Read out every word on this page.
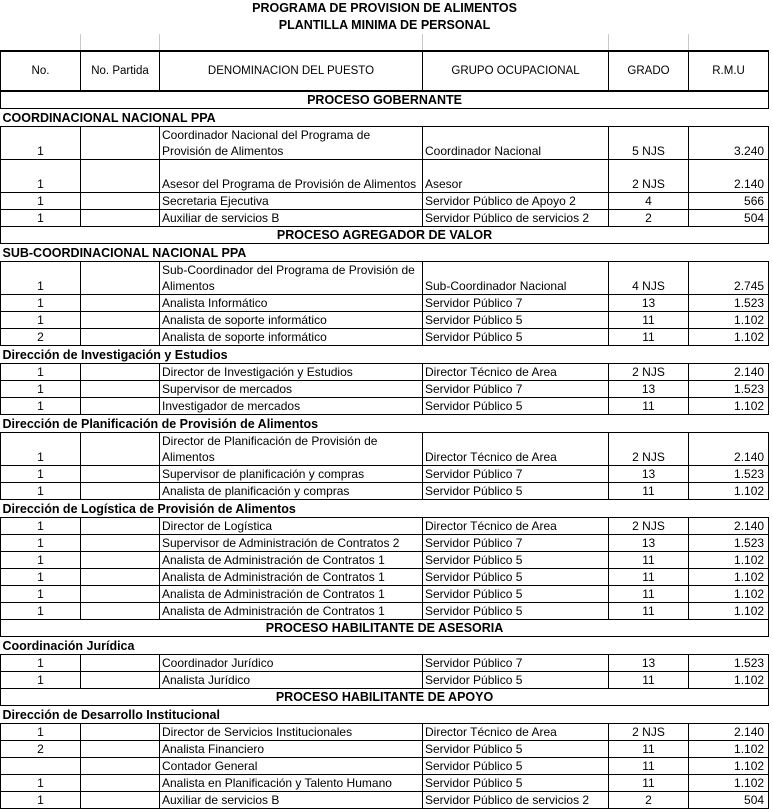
PROGRAMA DE PROVISION DE ALIMENTOS					
PLANTILLA MINIMA DE PERSONAL					

No.	No. Partida	DENOMINACION DEL PUESTO	GRUPO OCUPACIONAL	GRADO	R.M.U
PROCESO GOBERNANTE					
COORDINACIONAL NACIONAL PPA					
1		Coordinador Nacional del Programa de Provisión de Alimentos	Coordinador Nacional	5 NJS	3.240
1		Asesor del Programa de Provisión de Alimentos	Asesor	2 NJS	2.140
1		Secretaria Ejecutiva	Servidor Público de Apoyo 2	4	566
1		Auxiliar de servicios B	Servidor Público de servicios 2	2	504
PROCESO AGREGADOR DE VALOR					
SUB-COORDINACIONAL NACIONAL PPA					
1		Sub-Coordinador del Programa de Provisión de Alimentos	Sub-Coordinador Nacional	4 NJS	2.745
1		Analista Informático	Servidor Público 7	13	1.523
1		Analista de soporte informático	Servidor Público 5	11	1.102
2		Analista de soporte informático	Servidor Público 5	11	1.102
Dirección de Investigación y Estudios					
1		Director de Investigación y Estudios	Director Técnico de Area	2 NJS	2.140
1		Supervisor de mercados	Servidor Público 7	13	1.523
1		Investigador de mercados	Servidor Público 5	11	1.102
Dirección de Planificación de Provisión de Alimentos					
1		Director de Planificación de Provisión de Alimentos	Director Técnico de Area	2 NJS	2.140
1		Supervisor de planificación y compras	Servidor Público 7	13	1.523
1		Analista de planificación y compras	Servidor Público 5	11	1.102
Dirección de Logística de Provisión de Alimentos					
1		Director de Logística	Director Técnico de Area	2 NJS	2.140
1		Supervisor de Administración de Contratos 2	Servidor Público 7	13	1.523
1		Analista de Administración de Contratos 1	Servidor Público 5	11	1.102
1		Analista de Administración de Contratos 1	Servidor Público 5	11	1.102
1		Analista de Administración de Contratos 1	Servidor Público 5	11	1.102
1		Analista de Administración de Contratos 1	Servidor Público 5	11	1.102
PROCESO HABILITANTE DE ASESORIA					
Coordinación Jurídica					
1		Coordinador Jurídico	Servidor Público 7	13	1.523
1		Analista Jurídico	Servidor Público 5	11	1.102
PROCESO HABILITANTE DE APOYO					
Dirección de Desarrollo Institucional					
1		Director de Servicios Institucionales	Director Técnico de Area	2 NJS	2.140
2		Analista Financiero	Servidor Público 5	11	1.102
		Contador General	Servidor Público 5	11	1.102
1		Analista en Planificación y Talento Humano	Servidor Público 5	11	1.102
1		Auxiliar de servicios B	Servidor Público de servicios 2	2	504
